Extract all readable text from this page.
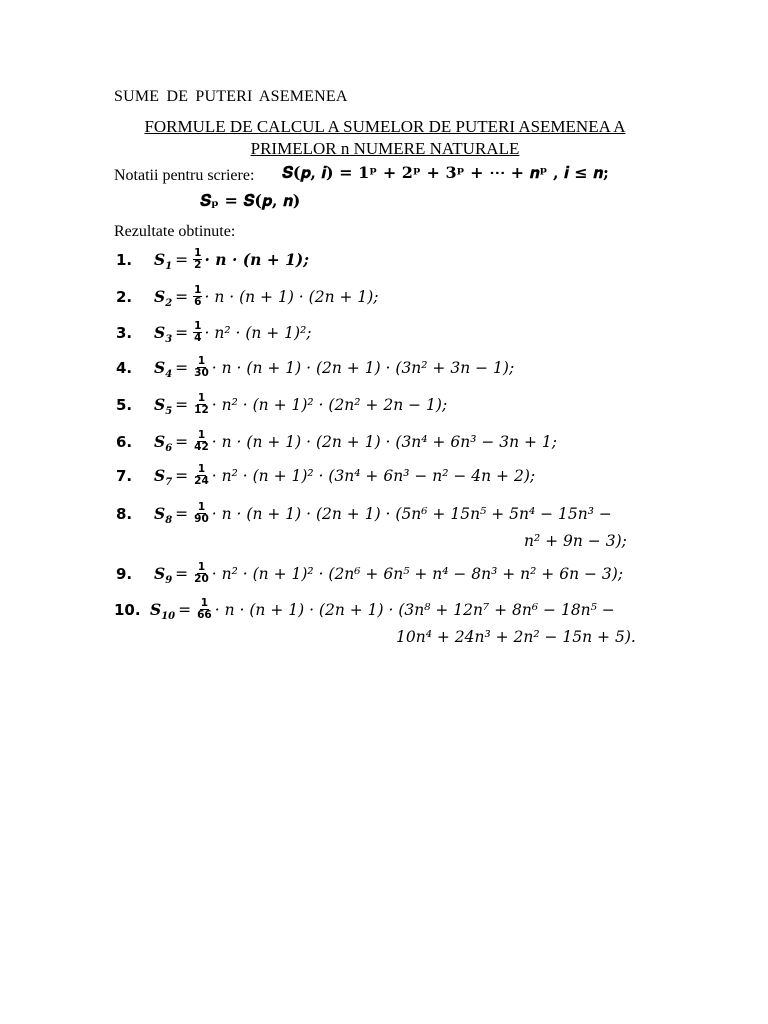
SUME DE PUTERI ASEMENEA
FORMULE DE CALCUL A SUMELOR DE PUTERI ASEMENEA A
PRIMELOR n NUMERE NATURALE
Notatii pentru scriere: 𝑺(𝒑, 𝒊) = 𝟏ᵖ + 𝟐ᵖ + 𝟑ᵖ + ⋯ + 𝒏ᵖ , 𝒊 ≤ 𝒏;
𝑺ₚ = 𝑺(𝒑, 𝒏)
Rezultate obtinute:
1.	$S_1 = \frac{1}{2} \cdot n \cdot (n + 1)$;
2.	$S_2 = \frac{1}{6} \cdot n \cdot (n + 1) \cdot (2n + 1)$;
3.	$S_3 = \frac{1}{4} \cdot n^2 \cdot (n + 1)^2$;
4.	$S_4 = \frac{1}{30} \cdot n \cdot (n + 1) \cdot (2n + 1) \cdot (3n^2 + 3n - 1)$;
5.	$S_5 = \frac{1}{12} \cdot n^2 \cdot (n + 1)^2 \cdot (2n^2 + 2n - 1)$;
6.	$S_6 = \frac{1}{42} \cdot n \cdot (n + 1) \cdot (2n + 1) \cdot (3n^4 + 6n^3 - 3n + 1$;
7.	$S_7 = \frac{1}{24} \cdot n^2 \cdot (n + 1)^2 \cdot (3n^4 + 6n^3 - n^2 - 4n + 2)$;
8.	$S_8 = \frac{1}{90} \cdot n \cdot (n + 1) \cdot (2n + 1) \cdot (5n^6 + 15n^5 + 5n^4 - 15n^3$ −
n² + 9n − 3);
9.	$S_9 = \frac{1}{20} \cdot n^2 \cdot (n + 1)^2 \cdot (2n^6 + 6n^5 + n^4 - 8n^3 + n^2 + 6n - 3)$;
10. $S_{10} = \frac{1}{66} \cdot n \cdot (n + 1) \cdot (2n + 1) \cdot (3n^8 + 12n^7 + 8n^6 - 18n^5$ −
10n⁴ + 24n³ + 2n² − 15n + 5).
